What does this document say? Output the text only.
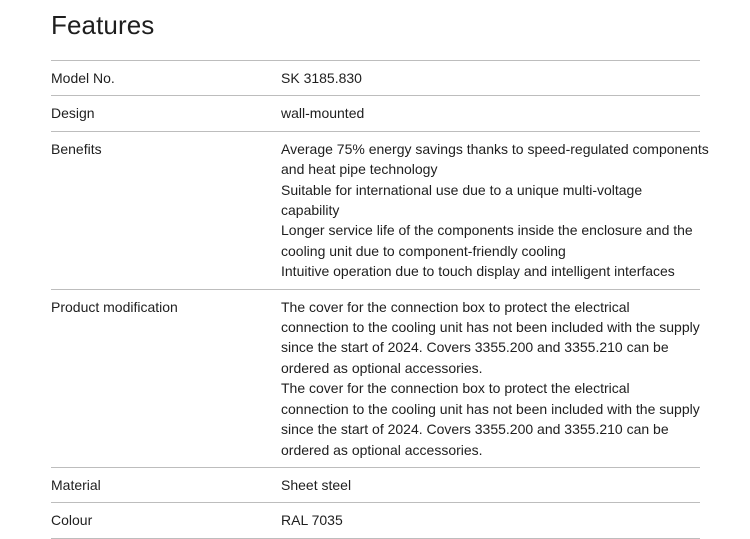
Features
Model No.	SK 3185.830
Design	wall-mounted
Benefits	Average 75% energy savings thanks to speed-regulated components
and heat pipe technology
Suitable for international use due to a unique multi-voltage
capability
Longer service life of the components inside the enclosure and the
cooling unit due to component-friendly cooling
Intuitive operation due to touch display and intelligent interfaces
Product modification	The cover for the connection box to protect the electrical
connection to the cooling unit has not been included with the supply
since the start of 2024. Covers 3355.200 and 3355.210 can be
ordered as optional accessories.
The cover for the connection box to protect the electrical
connection to the cooling unit has not been included with the supply
since the start of 2024. Covers 3355.200 and 3355.210 can be
ordered as optional accessories.
Material	Sheet steel
Colour	RAL 7035
